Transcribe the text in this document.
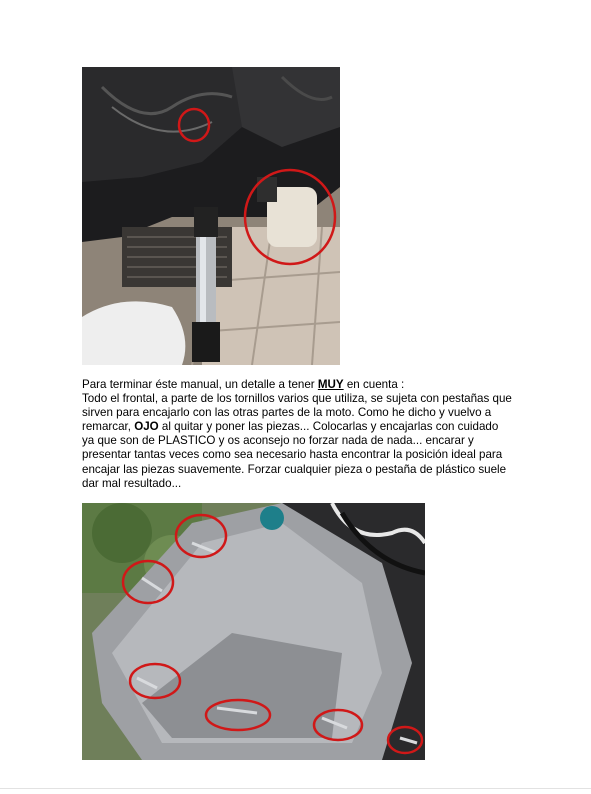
Para terminar éste manual, un detalle a tener MUY en cuenta :

Todo el frontal, a parte de los tornillos varios que utiliza, se sujeta con pestañas que sirven para encajarlo con las otras partes de la moto. Como he dicho y vuelvo a remarcar, OJO al quitar y poner las piezas... Colocarlas y encajarlas con cuidado ya que son de PLASTICO y os aconsejo no forzar nada de nada... encarar y presentar tantas veces como sea necesario hasta encontrar la posición ideal para encajar las piezas suavemente. Forzar cualquier pieza o pestaña de plástico suele dar mal resultado...
